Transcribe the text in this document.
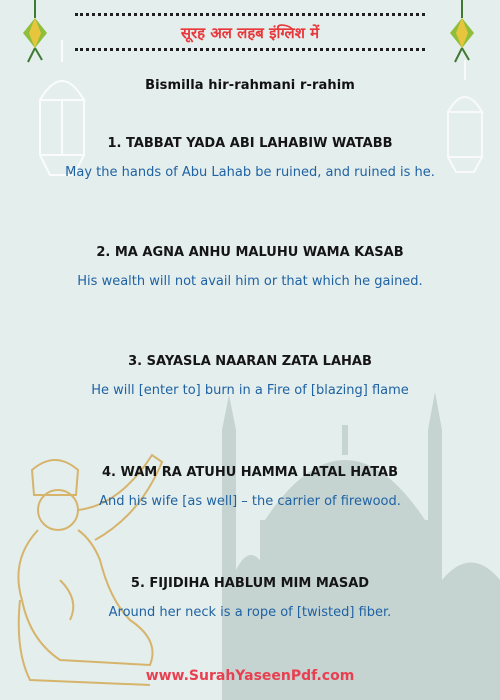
सूरह अल लहब इंग्लिश में
Bismilla hir-rahmani r-rahim
1. TABBAT YADA ABI LAHABIW WATABB
May the hands of Abu Lahab be ruined, and ruined is he.
2. MA AGNA ANHU MALUHU WAMA KASAB
His wealth will not avail him or that which he gained.
3. SAYASLA NAARAN ZATA LAHAB
He will [enter to] burn in a Fire of [blazing] flame
4. WAM RA ATUHU HAMMA LATAL HATAB
And his wife [as well] – the carrier of firewood.
5. FIJIDIHA HABLUM MIM MASAD
Around her neck is a rope of [twisted] fiber.
www.SurahYaseenPdf.com
